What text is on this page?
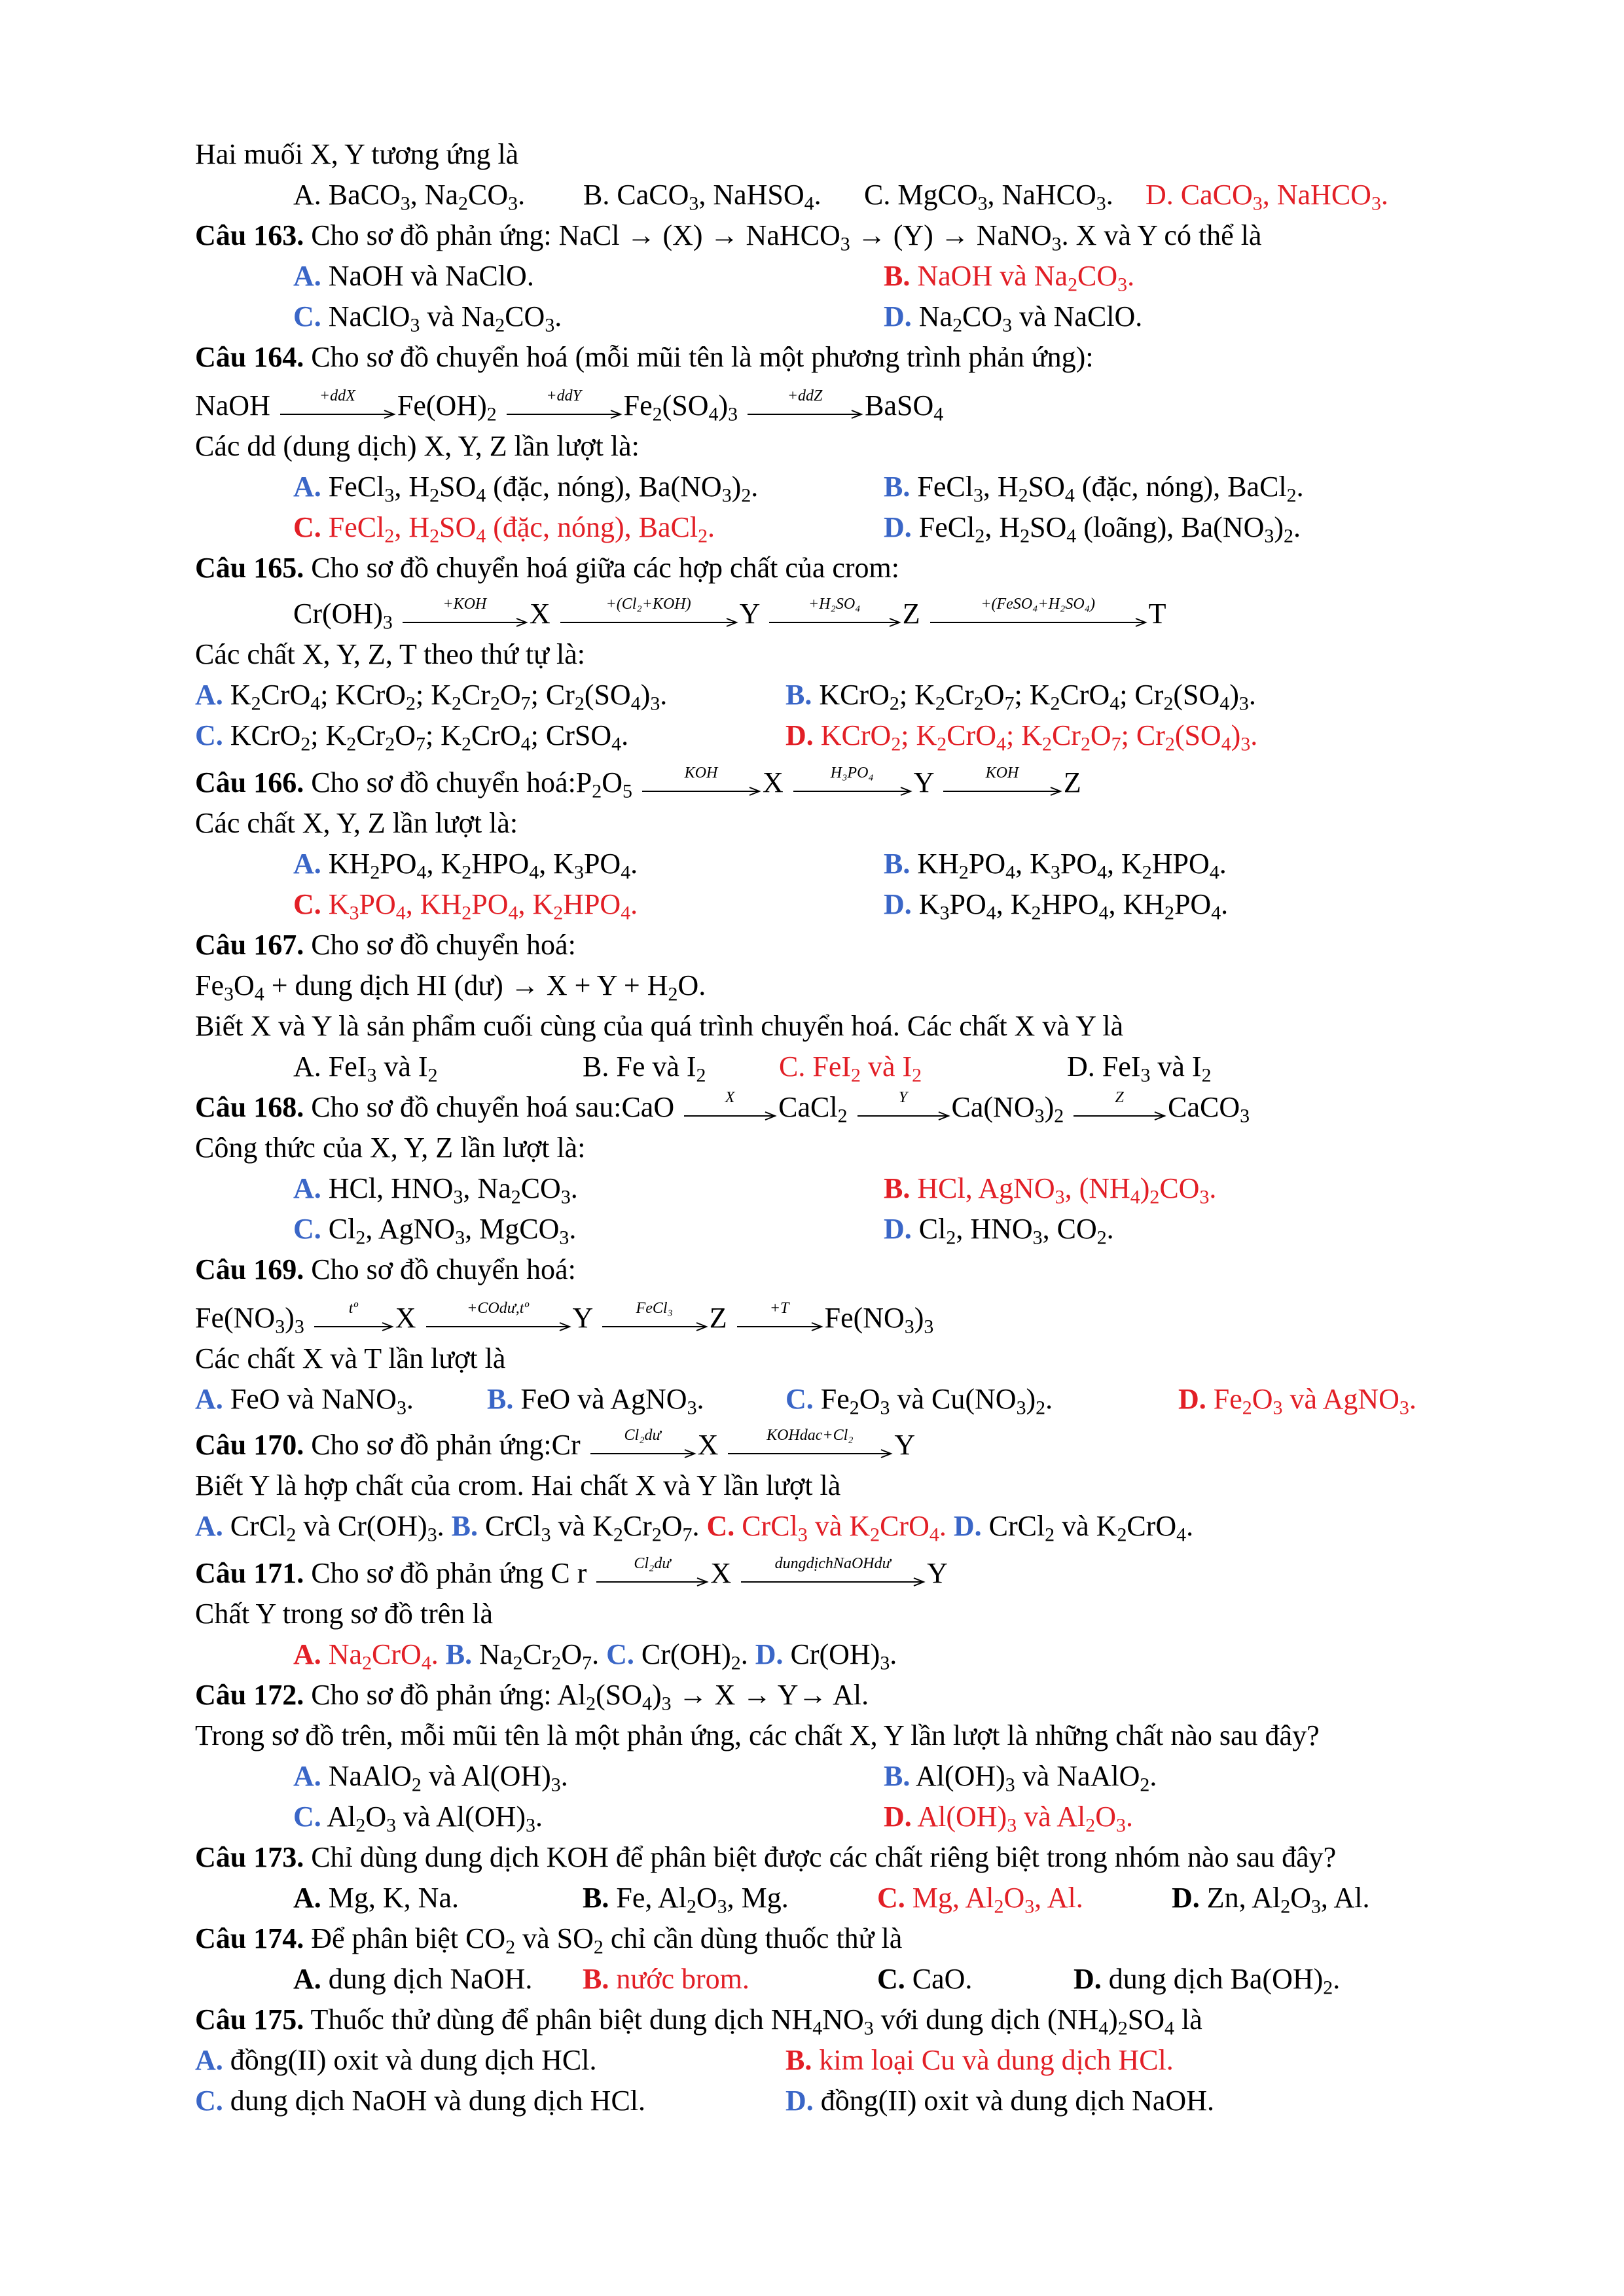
Hai muối X, Y tương ứng là
A. BaCO3, Na2CO3. B. CaCO3, NaHSO4. C. MgCO3, NaHCO3. D. CaCO3, NaHCO3.
Câu 163. Cho sơ đồ phản ứng: NaCl → (X) → NaHCO3 → (Y) → NaNO3. X và Y có thể là
A. NaOH và NaClO.	B. NaOH và Na2CO3.
C. NaClO3 và Na2CO3.	D. Na2CO3 và NaClO.
Câu 164. Cho sơ đồ chuyển hoá (mỗi mũi tên là một phương trình phản ứng):
NaOH	+ddX	Fe(OH)2
+ddY	Fe2(SO4)3
+ddZ	BaSO4
Các dd (dung dịch) X, Y, Z lần lượt là:
A. FeCl3, H2SO4 (đặc, nóng), Ba(NO3)2.	B. FeCl3, H2SO4 (đặc, nóng), BaCl2.
C. FeCl2, H2SO4 (đặc, nóng), BaCl2.	D. FeCl2, H2SO4 (loãng), Ba(NO3)2.
Câu 165. Cho sơ đồ chuyển hoá giữa các hợp chất của crom:
Cr(OH)3
+KOH	X	+(Cl₂+KOH)	Y	+H₂SO₄	Z	+(FeSO₄+H₂SO₄)	T
Các chất X, Y, Z, T theo thứ tự là:
A. K2CrO4; KCrO2; K2Cr2O7; Cr2(SO4)3.	B. KCrO2; K2Cr2O7; K2CrO4; Cr2(SO4)3.
C. KCrO2; K2Cr2O7; K2CrO4; CrSO4.	D. KCrO2; K2CrO4; K2Cr2O7; Cr2(SO4)3.
Câu 166. Cho sơ đồ chuyển hoá:P2O5
KOH	X	H₃PO₄	Y	KOH	Z
Các chất X, Y, Z lần lượt là:
A. KH2PO4, K2HPO4, K3PO4.	B. KH2PO4, K3PO4, K2HPO4.
C. K3PO4, KH2PO4, K2HPO4.	D. K3PO4, K2HPO4, KH2PO4.
Câu 167. Cho sơ đồ chuyển hoá:
Fe3O4 + dung dịch HI (dư) → X + Y + H2O.
Biết X và Y là sản phẩm cuối cùng của quá trình chuyển hoá. Các chất X và Y là
A. FeI3 và I2	B. Fe và I2	C. FeI2 và I2	D. FeI3 và I2
Câu 168. Cho sơ đồ chuyển hoá sau:CaO	X	CaCl2
Y	Ca(NO3)2
Z	CaCO3
Công thức của X, Y, Z lần lượt là:
A. HCl, HNO3, Na2CO3.	B. HCl, AgNO3, (NH4)2CO3.
C. Cl2, AgNO3, MgCO3.	D. Cl2, HNO3, CO2.
Câu 169. Cho sơ đồ chuyển hoá:
Fe(NO3)3
tº	X	+COdư,tº	Y	FeCl₃	Z	+T	Fe(NO3)3
Các chất X và T lần lượt là
A. FeO và NaNO3.	B. FeO và AgNO3.	C. Fe2O3 và Cu(NO3)2.	D. Fe2O3 và AgNO3.
Câu 170. Cho sơ đồ phản ứng:Cr	Cl₂dư	X	KOHdac+Cl₂	Y
Biết Y là hợp chất của crom. Hai chất X và Y lần lượt là
A. CrCl2 và Cr(OH)3. B. CrCl3 và K2Cr2O7. C. CrCl3 và K2CrO4. D. CrCl2 và K2CrO4.
Câu 171. Cho sơ đồ phản ứng C r	Cl₂dư	X	dungdịchNaOHdư	Y
Chất Y trong sơ đồ trên là
A. Na2CrO4. B. Na2Cr2O7. C. Cr(OH)2. D. Cr(OH)3.
Câu 172. Cho sơ đồ phản ứng: Al2(SO4)3 → X → Y→ Al.
Trong sơ đồ trên, mỗi mũi tên là một phản ứng, các chất X, Y lần lượt là những chất nào sau đây?
A. NaAlO2 và Al(OH)3.	B. Al(OH)3 và NaAlO2.
C. Al2O3 và Al(OH)3.	D. Al(OH)3 và Al2O3.
Câu 173. Chỉ dùng dung dịch KOH để phân biệt được các chất riêng biệt trong nhóm nào sau đây?
A. Mg, K, Na.	B. Fe, Al2O3, Mg.	C. Mg, Al2O3, Al.	D. Zn, Al2O3, Al.
Câu 174. Để phân biệt CO2 và SO2 chỉ cần dùng thuốc thử là
A. dung dịch NaOH. B. nước brom.	C. CaO.	D. dung dịch Ba(OH)2.
Câu 175. Thuốc thử dùng để phân biệt dung dịch NH4NO3 với dung dịch (NH4)2SO4 là
A. đồng(II) oxit và dung dịch HCl.	B. kim loại Cu và dung dịch HCl.
C. dung dịch NaOH và dung dịch HCl.	D. đồng(II) oxit và dung dịch NaOH.
